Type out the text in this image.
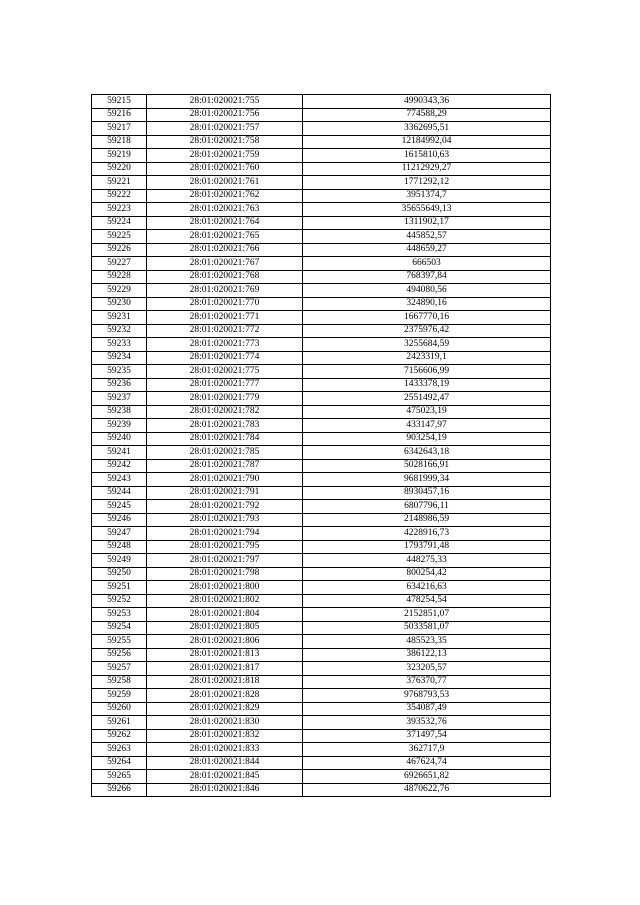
59215	28:01:020021:755	4990343,36
59216	28:01:020021:756	774588,29
59217	28:01:020021:757	3362695,51
59218	28:01:020021:758	12184992,04
59219	28:01:020021:759	1615810,63
59220	28:01:020021:760	11212929,27
59221	28:01:020021:761	1771292,12
59222	28:01:020021:762	3951374,7
59223	28:01:020021:763	35655649,13
59224	28:01:020021:764	1311902,17
59225	28:01:020021:765	445852,57
59226	28:01:020021:766	448659,27
59227	28:01:020021:767	666503
59228	28:01:020021:768	768397,84
59229	28:01:020021:769	494080,56
59230	28:01:020021:770	324890,16
59231	28:01:020021:771	1667770,16
59232	28:01:020021:772	2375976,42
59233	28:01:020021:773	3255684,59
59234	28:01:020021:774	2423319,1
59235	28:01:020021:775	7156606,99
59236	28:01:020021:777	1433378,19
59237	28:01:020021:779	2551492,47
59238	28:01:020021:782	475023,19
59239	28:01:020021:783	433147,97
59240	28:01:020021:784	903254,19
59241	28:01:020021:785	6342643,18
59242	28:01:020021:787	5028166,91
59243	28:01:020021:790	9681999,34
59244	28:01:020021:791	8930457,16
59245	28:01:020021:792	6807796,11
59246	28:01:020021:793	2148986,59
59247	28:01:020021:794	4228916,73
59248	28:01:020021:795	1793791,48
59249	28:01:020021:797	448275,33
59250	28:01:020021:798	800254,42
59251	28:01:020021:800	634216,63
59252	28:01:020021:802	478254,54
59253	28:01:020021:804	2152851,07
59254	28:01:020021:805	5033581,07
59255	28:01:020021:806	485523,35
59256	28:01:020021:813	386122,13
59257	28:01:020021:817	323205,57
59258	28:01:020021:818	376370,77
59259	28:01:020021:828	9768793,53
59260	28:01:020021:829	354087,49
59261	28:01:020021:830	393532,76
59262	28:01:020021:832	371497,54
59263	28:01:020021:833	362717,9
59264	28:01:020021:844	467624,74
59265	28:01:020021:845	6926651,82
59266	28:01:020021:846	4870622,76
